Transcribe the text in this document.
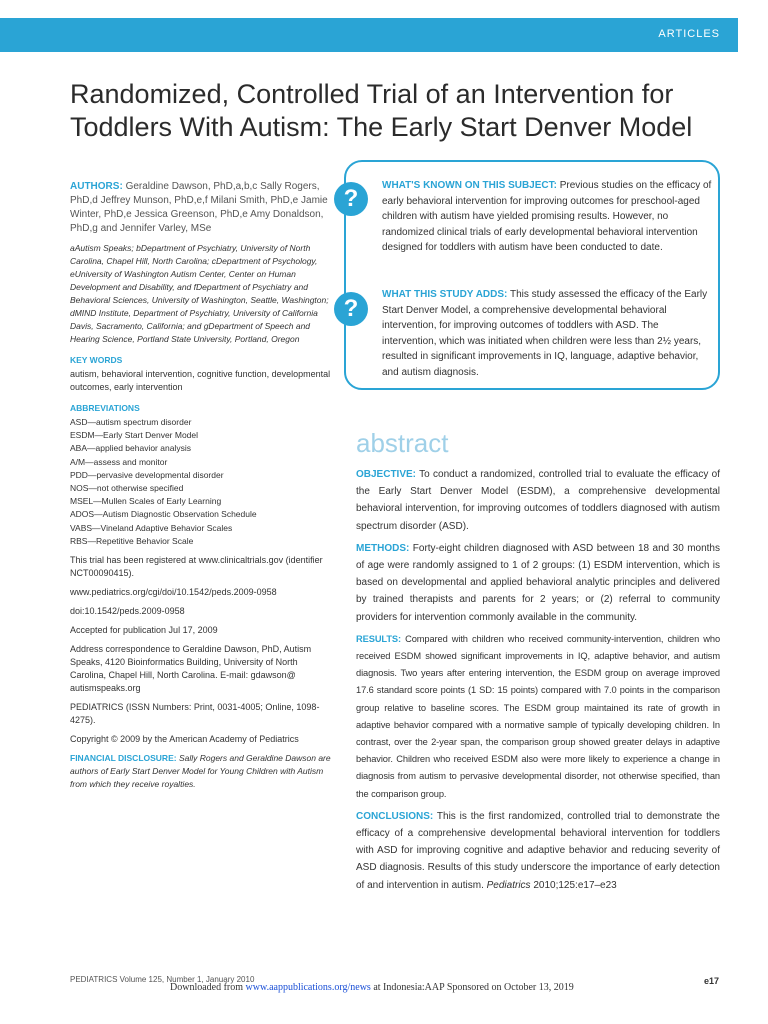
ARTICLES
Randomized, Controlled Trial of an Intervention for Toddlers With Autism: The Early Start Denver Model

AUTHORS: Geraldine Dawson, PhD,a,b,c Sally Rogers, PhD,d Jeffrey Munson, PhD,e,f Milani Smith, PhD,e Jamie Winter, PhD,e Jessica Greenson, PhD,e Amy Donaldson, PhD,g and Jennifer Varley, MSe

aAutism Speaks; bDepartment of Psychiatry, University of North Carolina, Chapel Hill, North Carolina; cDepartment of Psychology, eUniversity of Washington Autism Center, Center on Human Development and Disability, and fDepartment of Psychiatry and Behavioral Sciences, University of Washington, Seattle, Washington; dMIND Institute, Department of Psychiatry, University of California Davis, Sacramento, California; and gDepartment of Speech and Hearing Science, Portland State University, Portland, Oregon

KEY WORDS

autism, behavioral intervention, cognitive function, developmental outcomes, early intervention

ABBREVIATIONS
ASD—autism spectrum disorder
ESDM—Early Start Denver Model
ABA—applied behavior analysis
A/M—assess and monitor
PDD—pervasive developmental disorder
NOS—not otherwise specified
MSEL—Mullen Scales of Early Learning
ADOS—Autism Diagnostic Observation Schedule
VABS—Vineland Adaptive Behavior Scales
RBS—Repetitive Behavior Scale

This trial has been registered at www.clinicaltrials.gov (identifier NCT00090415).

www.pediatrics.org/cgi/doi/10.1542/peds.2009-0958

doi:10.1542/peds.2009-0958

Accepted for publication Jul 17, 2009

Address correspondence to Geraldine Dawson, PhD, Autism Speaks, 4120 Bioinformatics Building, University of North Carolina, Chapel Hill, North Carolina. E-mail: gdawson@ autismspeaks.org

PEDIATRICS (ISSN Numbers: Print, 0031-4005; Online, 1098-4275).

Copyright © 2009 by the American Academy of Pediatrics

FINANCIAL DISCLOSURE: Sally Rogers and Geraldine Dawson are authors of Early Start Denver Model for Young Children with Autism from which they receive royalties.

?
?
WHAT'S KNOWN ON THIS SUBJECT: Previous studies on the efficacy of early behavioral intervention for improving outcomes for preschool-aged children with autism have yielded promising results. However, no randomized clinical trials of early developmental behavioral intervention designed for toddlers with autism have been conducted to date.
WHAT THIS STUDY ADDS: This study assessed the efficacy of the Early Start Denver Model, a comprehensive developmental behavioral intervention, for improving outcomes of toddlers with ASD. The intervention, which was initiated when children were less than 2½ years, resulted in significant improvements in IQ, language, adaptive behavior, and autism diagnosis.
abstract

OBJECTIVE: To conduct a randomized, controlled trial to evaluate the efficacy of the Early Start Denver Model (ESDM), a comprehensive developmental behavioral intervention, for improving outcomes of toddlers diagnosed with autism spectrum disorder (ASD).

METHODS: Forty-eight children diagnosed with ASD between 18 and 30 months of age were randomly assigned to 1 of 2 groups: (1) ESDM intervention, which is based on developmental and applied behavioral analytic principles and delivered by trained therapists and parents for 2 years; or (2) referral to community providers for intervention commonly available in the community.

RESULTS: Compared with children who received community-intervention, children who received ESDM showed significant improvements in IQ, adaptive behavior, and autism diagnosis. Two years after entering intervention, the ESDM group on average improved 17.6 standard score points (1 SD: 15 points) compared with 7.0 points in the comparison group relative to baseline scores. The ESDM group maintained its rate of growth in adaptive behavior compared with a normative sample of typically developing children. In contrast, over the 2-year span, the comparison group showed greater delays in adaptive behavior. Children who received ESDM also were more likely to experience a change in diagnosis from autism to pervasive developmental disorder, not otherwise specified, than the comparison group.

CONCLUSIONS: This is the first randomized, controlled trial to demonstrate the efficacy of a comprehensive developmental behavioral intervention for toddlers with ASD for improving cognitive and adaptive behavior and reducing severity of ASD diagnosis. Results of this study underscore the importance of early detection of and intervention in autism. Pediatrics 2010;125:e17–e23

PEDIATRICS Volume 125, Number 1, January 2010
Downloaded from www.aappublications.org/news at Indonesia:AAP Sponsored on October 13, 2019
e17
